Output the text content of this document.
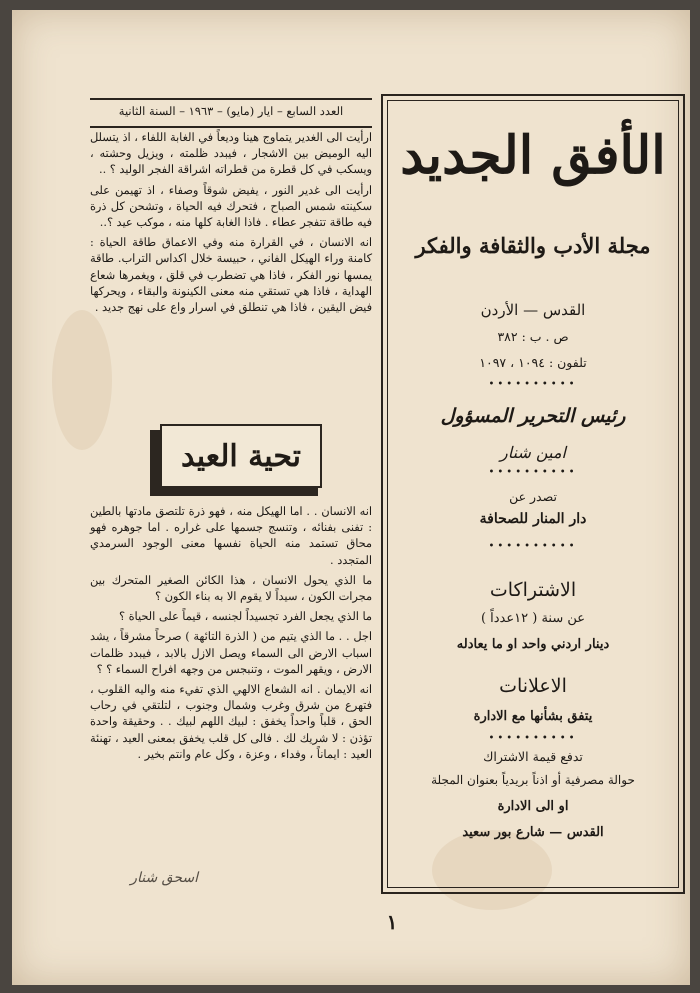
العدد السابع – ايار (مايو) – ١٩٦٣ – السنة الثانية

ارأيت الى الغدير يتماوج هينا وديعاً في الغابة اللفاء ، اذ يتسلل اليه الوميض بين الاشجار ، فيبدد ظلمته ، ويزيل وحشته ، ويسكب في كل قطرة من قطراته اشراقة الفجر الوليد ؟ ..

ارأيت الى غدير النور ، يفيض شوقاً وصفاء ، اذ تهيمن على سكينته شمس الصباح ، فتحرك فيه الحياة ، وتشحن كل ذرة فيه طاقة تتفجر عطاء . فاذا الغابة كلها منه ، موكب عيد ؟..

انه الانسان ، في القرارة منه وفي الاعماق طاقة الحياة : كامنة وراء الهيكل الفاني ، حبيسة خلال اكداس التراب. طاقة يمسها نور الفكر ، فاذا هي تضطرب في قلق ، ويغمرها شعاع الهداية ، فاذا هي تستقي منه معنى الكينونة والبقاء ، ويحركها فيض اليقين ، فاذا هي تنطلق في اسرار واع على نهج جديد .

تحية العيد

انه الانسان . . اما الهيكل منه ، فهو ذرة تلتصق مادتها بالطين : تفنى بفنائه ، وتنسج جسمها على غراره . اما جوهره فهو محاق تستمد منه الحياة نفسها معنى الوجود السرمدي المتجدد .

ما الذي يحول الانسان ، هذا الكائن الصغير المتحرك بين مجرات الكون ، سيداً لا يقوم الا به بناء الكون ؟

ما الذي يجعل الفرد تجسيداً لجنسه ، قيماً على الحياة ؟

اجل . . ما الذي يتيم من ( الذرة التائهة ) صرحاً مشرقاً ، يشد اسباب الارض الى السماء ويصل الازل بالابد ، فيبدد ظلمات الارض ، ويقهر الموت ، وتنبجس من وجهه افراح السماء ؟ ؟

انه الايمان . انه الشعاع الالهي الذي تفيء منه واليه القلوب ، فتهرع من شرق وغرب وشمال وجنوب ، لتلتقي في رحاب الحق ، قلباً واحداً يخفق : لبيك اللهم لبيك . . وحقيقة واحدة تؤذن : لا شريك لك . فالى كل قلب يخفق بمعنى العيد ، تهنئة العيد : ايماناً ، وفداء ، وعزة ، وكل عام وانتم بخير .

اسحق شنار
١
الأفق الجديد
مجلة الأدب والثقافة والفكر
القدس — الأردن
ص . ب : ٣٨٢
تلفون : ١٠٩٤ ، ١٠٩٧
••••••••••
رئيس التحرير المسؤول
امين شنار
••••••••••
تصدر عن
دار المنار للصحافة
••••••••••
الاشتراكات
عن سنة ( ١٢عدداً )
دينار اردني واحد او ما يعادله
الاعلانات
يتفق بشأنها مع الادارة
••••••••••
تدفع قيمة الاشتراك
حوالة مصرفية أو اذناً بريدياً بعنوان المجلة
او الى الادارة
القدس — شارع بور سعيد
